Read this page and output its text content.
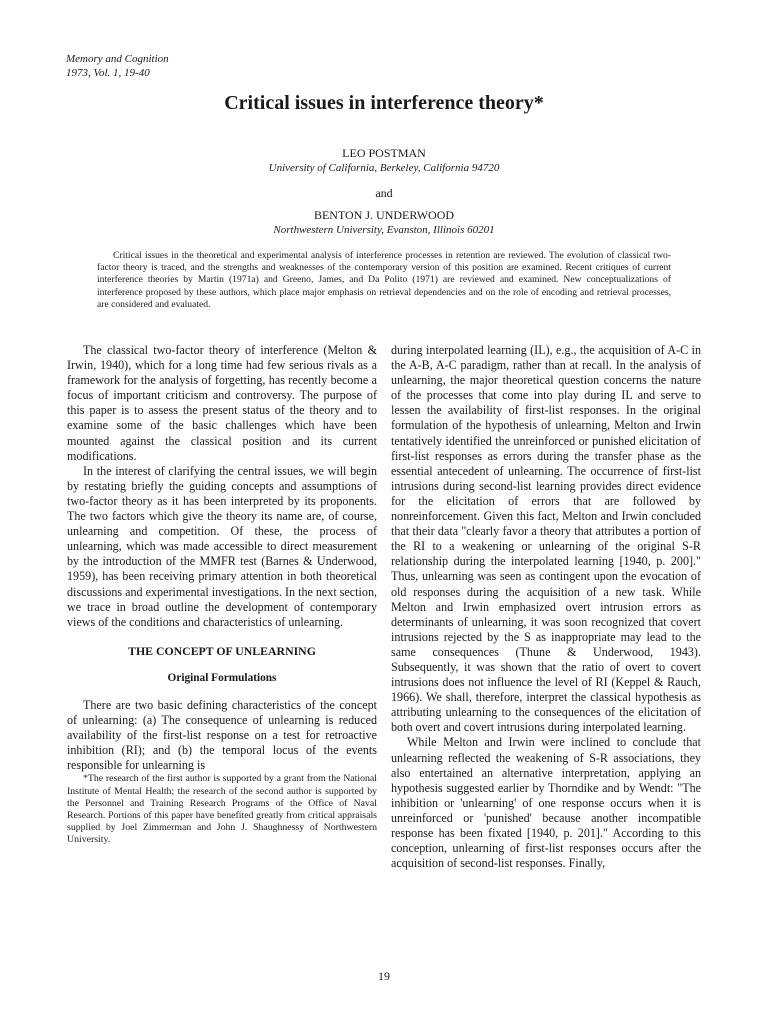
Memory and Cognition
1973, Vol. 1, 19-40
Critical issues in interference theory*
LEO POSTMAN
University of California, Berkeley, California 94720
and
BENTON J. UNDERWOOD
Northwestern University, Evanston, Illinois 60201
Critical issues in the theoretical and experimental analysis of interference processes in retention are reviewed. The evolution of classical two-factor theory is traced, and the strengths and weaknesses of the contemporary version of this position are examined. Recent critiques of current interference theories by Martin (1971a) and Greeno, James, and Da Polito (1971) are reviewed and examined. New conceptualizations of interference proposed by these authors, which place major emphasis on retrieval dependencies and on the role of encoding and retrieval processes, are considered and evaluated.

The classical two-factor theory of interference (Melton & Irwin, 1940), which for a long time had few serious rivals as a framework for the analysis of forgetting, has recently become a focus of important criticism and controversy. The purpose of this paper is to assess the present status of the theory and to examine some of the basic challenges which have been mounted against the classical position and its current modifications.

In the interest of clarifying the central issues, we will begin by restating briefly the guiding concepts and assumptions of two-factor theory as it has been interpreted by its proponents. The two factors which give the theory its name are, of course, unlearning and competition. Of these, the process of unlearning, which was made accessible to direct measurement by the introduction of the MMFR test (Barnes & Underwood, 1959), has been receiving primary attention in both theoretical discussions and experimental investigations. In the next section, we trace in broad outline the development of contemporary views of the conditions and characteristics of unlearning.

THE CONCEPT OF UNLEARNING
Original Formulations

There are two basic defining characteristics of the concept of unlearning: (a) The consequence of unlearning is reduced availability of the first-list response on a test for retroactive inhibition (RI); and (b) the temporal locus of the events responsible for unlearning is

*The research of the first author is supported by a grant from the National Institute of Mental Health; the research of the second author is supported by the Personnel and Training Research Programs of the Office of Naval Research. Portions of this paper have benefited greatly from critical appraisals supplied by Joel Zimmerman and John J. Shaughnessy of Northwestern University.

during interpolated learning (IL), e.g., the acquisition of A-C in the A-B, A-C paradigm, rather than at recall. In the analysis of unlearning, the major theoretical question concerns the nature of the processes that come into play during IL and serve to lessen the availability of first-list responses. In the original formulation of the hypothesis of unlearning, Melton and Irwin tentatively identified the unreinforced or punished elicitation of first-list responses as errors during the transfer phase as the essential antecedent of unlearning. The occurrence of first-list intrusions during second-list learning provides direct evidence for the elicitation of errors that are followed by nonreinforcement. Given this fact, Melton and Irwin concluded that their data "clearly favor a theory that attributes a portion of the RI to a weakening or unlearning of the original S-R relationship during the interpolated learning [1940, p. 200]." Thus, unlearning was seen as contingent upon the evocation of old responses during the acquisition of a new task. While Melton and Irwin emphasized overt intrusion errors as determinants of unlearning, it was soon recognized that covert intrusions rejected by the S as inappropriate may lead to the same consequences (Thune & Underwood, 1943). Subsequently, it was shown that the ratio of overt to covert intrusions does not influence the level of RI (Keppel & Rauch, 1966). We shall, therefore, interpret the classical hypothesis as attributing unlearning to the consequences of the elicitation of both overt and covert intrusions during interpolated learning.

While Melton and Irwin were inclined to conclude that unlearning reflected the weakening of S-R associations, they also entertained an alternative interpretation, applying an hypothesis suggested earlier by Thorndike and by Wendt: "The inhibition or 'unlearning' of one response occurs when it is unreinforced or 'punished' because another incompatible response has been fixated [1940, p. 201]." According to this conception, unlearning of first-list responses occurs after the acquisition of second-list responses. Finally,

19
